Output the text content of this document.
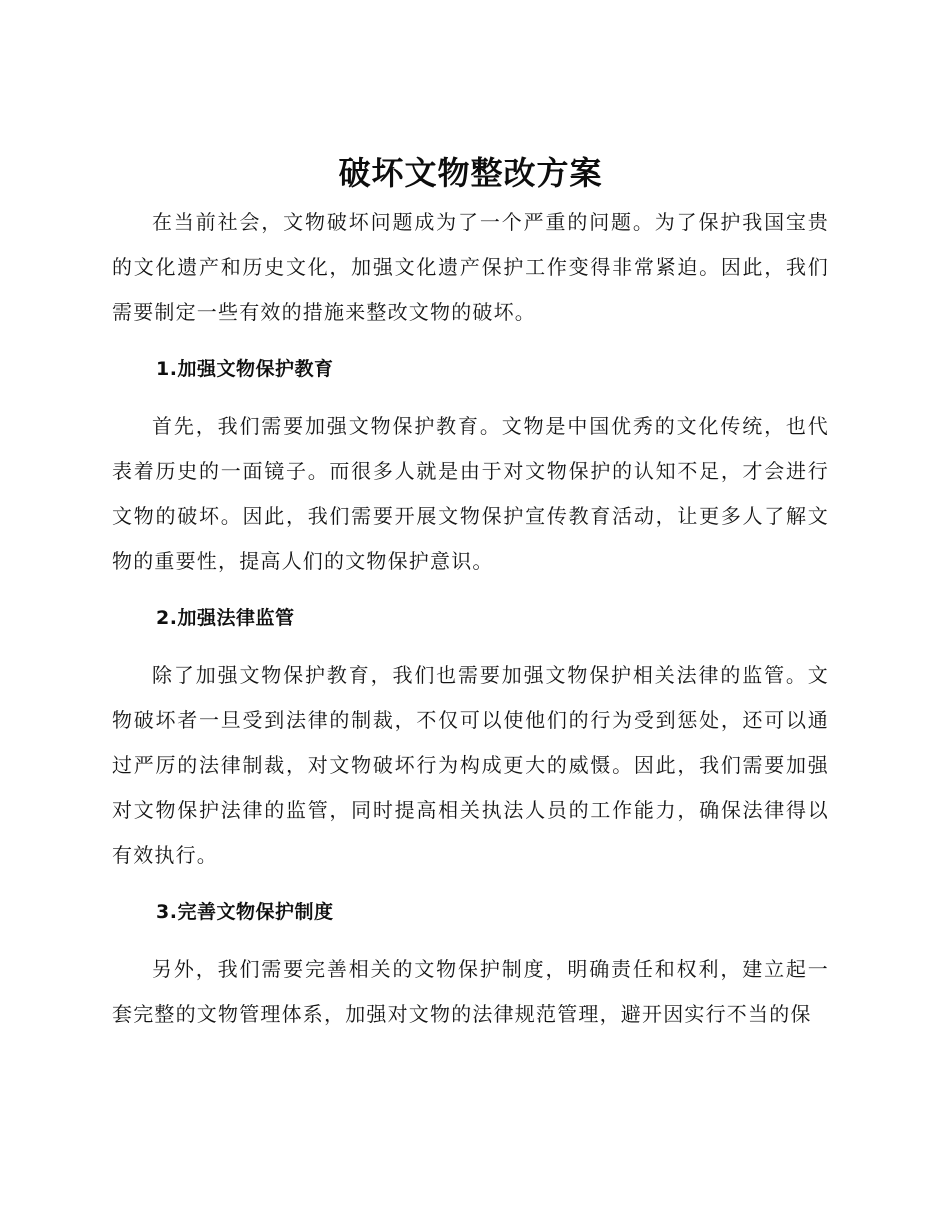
破坏文物整改方案

在当前社会，文物破坏问题成为了一个严重的问题。为了保护我国宝贵的文化遗产和历史文化，加强文化遗产保护工作变得非常紧迫。因此，我们需要制定一些有效的措施来整改文物的破坏。

1.加强文物保护教育

首先，我们需要加强文物保护教育。文物是中国优秀的文化传统，也代表着历史的一面镜子。而很多人就是由于对文物保护的认知不足，才会进行文物的破坏。因此，我们需要开展文物保护宣传教育活动，让更多人了解文物的重要性，提高人们的文物保护意识。

2.加强法律监管

除了加强文物保护教育，我们也需要加强文物保护相关法律的监管。文物破坏者一旦受到法律的制裁，不仅可以使他们的行为受到惩处，还可以通过严厉的法律制裁，对文物破坏行为构成更大的威慑。因此，我们需要加强对文物保护法律的监管，同时提高相关执法人员的工作能力，确保法律得以有效执行。

3.完善文物保护制度

另外，我们需要完善相关的文物保护制度，明确责任和权利，建立起一套完整的文物管理体系，加强对文物的法律规范管理，避开因实行不当的保
